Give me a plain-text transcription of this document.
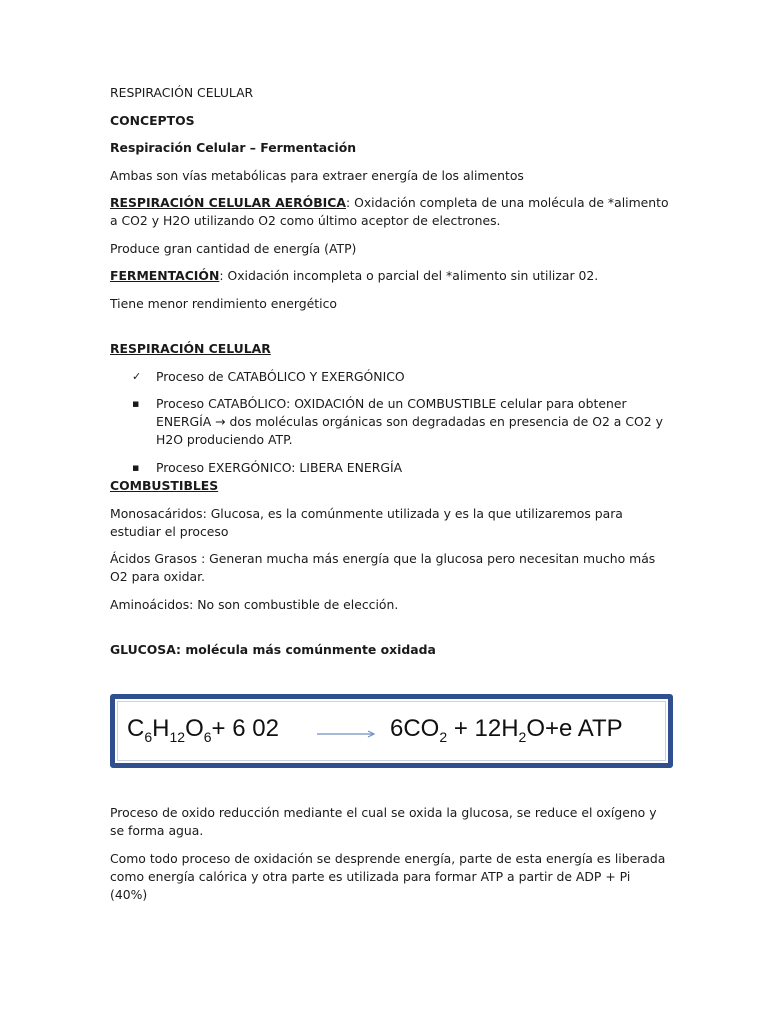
RESPIRACIÓN CELULAR

CONCEPTOS

Respiración Celular – Fermentación

Ambas son vías metabólicas para extraer energía de los alimentos

RESPIRACIÓN CELULAR AERÓBICA: Oxidación completa de una molécula de *alimento a CO2 y H2O utilizando O2 como último aceptor de electrones.

Produce gran cantidad de energía (ATP)

FERMENTACIÓN: Oxidación incompleta o parcial del *alimento sin utilizar 02.

Tiene menor rendimiento energético

RESPIRACIÓN CELULAR

✓ Proceso de CATABÓLICO Y EXERGÓNICO
▪ Proceso CATABÓLICO: OXIDACIÓN de un COMBUSTIBLE celular para obtener ENERGÍA → dos moléculas orgánicas son degradadas en presencia de O2 a CO2 y H2O produciendo ATP.
▪ Proceso EXERGÓNICO: LIBERA ENERGÍA

COMBUSTIBLES

Monosacáridos: Glucosa, es la comúnmente utilizada y es la que utilizaremos para estudiar el proceso

Ácidos Grasos : Generan mucha más energía que la glucosa pero necesitan mucho más O2 para oxidar.

Aminoácidos: No son combustible de elección.

GLUCOSA: molécula más comúnmente oxidada

$C_6H_{12}O_6+ 6$ $02 \to 6CO_2 + 12H_2O+e$ ATP

Proceso de oxido reducción mediante el cual se oxida la glucosa, se reduce el oxígeno y se forma agua.

Como todo proceso de oxidación se desprende energía, parte de esta energía es liberada como energía calórica y otra parte es utilizada para formar ATP a partir de ADP + Pi (40%)
